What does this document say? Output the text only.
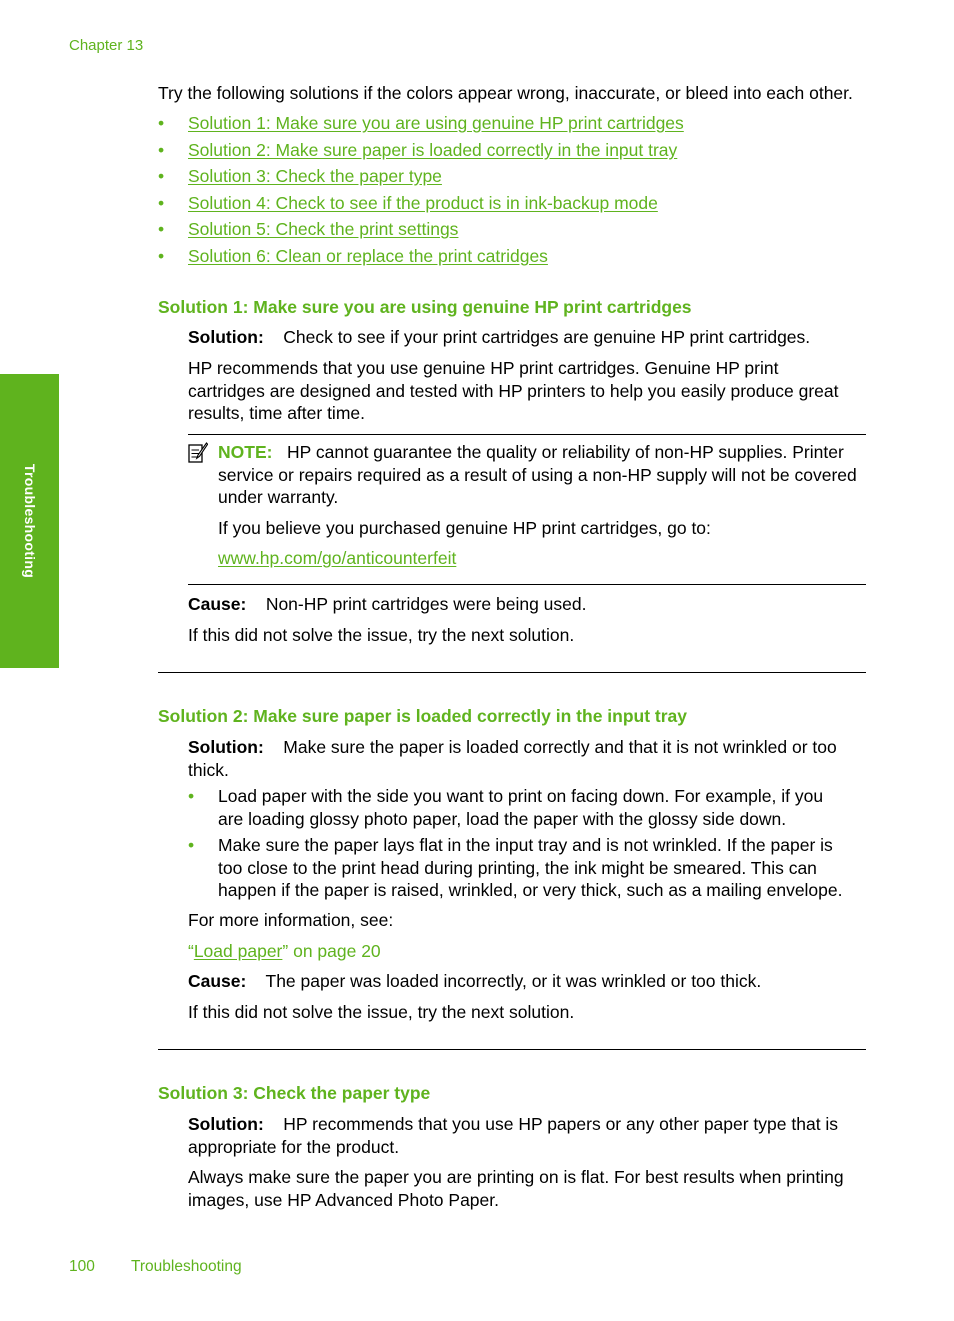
Chapter 13
Troubleshooting
Try the following solutions if the colors appear wrong, inaccurate, or bleed into each other.
• Solution 1: Make sure you are using genuine HP print cartridges
• Solution 2: Make sure paper is loaded correctly in the input tray
• Solution 3: Check the paper type
• Solution 4: Check to see if the product is in ink-backup mode
• Solution 5: Check the print settings
• Solution 6: Clean or replace the print catridges
Solution 1: Make sure you are using genuine HP print cartridges
Solution: Check to see if your print cartridges are genuine HP print cartridges.
HP recommends that you use genuine HP print cartridges. Genuine HP print
cartridges are designed and tested with HP printers to help you easily produce great
results, time after time.
NOTE: HP cannot guarantee the quality or reliability of non-HP supplies. Printer
service or repairs required as a result of using a non-HP supply will not be covered
under warranty.
If you believe you purchased genuine HP print cartridges, go to:
www.hp.com/go/anticounterfeit
Cause: Non-HP print cartridges were being used.
If this did not solve the issue, try the next solution.
Solution 2: Make sure paper is loaded correctly in the input tray
Solution: Make sure the paper is loaded correctly and that it is not wrinkled or too
thick.
• Load paper with the side you want to print on facing down. For example, if you
are loading glossy photo paper, load the paper with the glossy side down.
• Make sure the paper lays flat in the input tray and is not wrinkled. If the paper is
too close to the print head during printing, the ink might be smeared. This can
happen if the paper is raised, wrinkled, or very thick, such as a mailing envelope.
For more information, see:
“Load paper” on page 20
Cause: The paper was loaded incorrectly, or it was wrinkled or too thick.
If this did not solve the issue, try the next solution.
Solution 3: Check the paper type
Solution: HP recommends that you use HP papers or any other paper type that is
appropriate for the product.
Always make sure the paper you are printing on is flat. For best results when printing
images, use HP Advanced Photo Paper.
100 Troubleshooting
